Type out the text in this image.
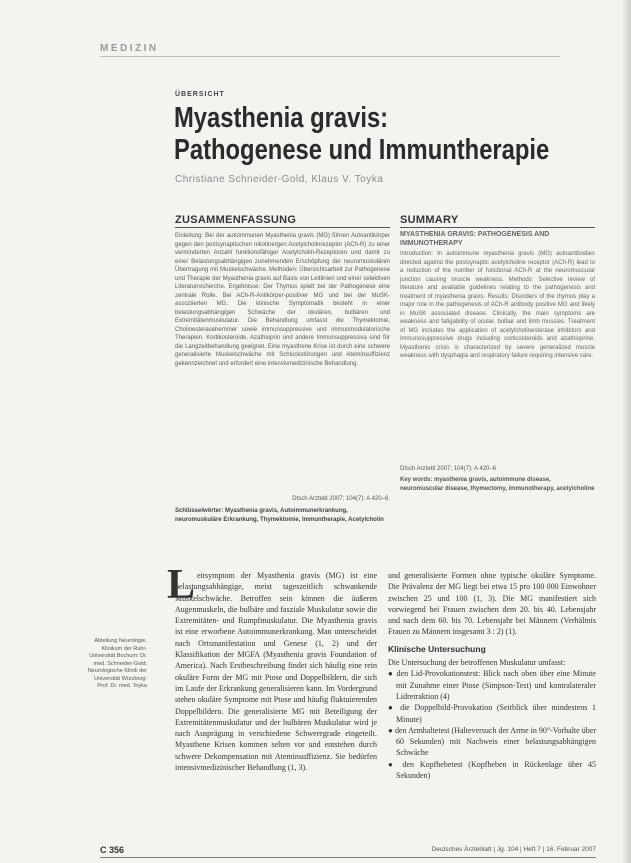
MEDIZIN
ÜBERSICHT
Myasthenia gravis:
Pathogenese und Immuntherapie
Christiane Schneider-Gold, Klaus V. Toyka
ZUSAMMENFASSUNG
Einleitung: Bei der autoimmunen Myasthenia gravis (MG) führen Autoantikörper gegen den postsynaptischen nikotinergen Acetylcholinrezeptor (ACh-R) zu einer verminderten Anzahl funktionsfähiger Acetylcholin-Rezeptoren und damit zu einer Belastungsabhängigen zunehmenden Erschöpfung der neuromuskulären Übertragung mit Muskelschwäche. Methoden: Übersichtsarbeit zur Pathogenese und Therapie der Myasthenia gravis auf Basis von Leitlinien und einer selektiven Literaturrecherche. Ergebnisse: Der Thymus spielt bei der Pathogenese eine zentrale Rolle. Bei ACh-R-Antikörper-positiver MG und bei der MuSK-assoziierten MG. Die klinische Symptomatik besteht in einer belastungsabhängigen Schwäche der okulären, bulbären und Extremitätenmuskulatur. Die Behandlung umfasst die Thymektomie, Cholinesterasehemmer sowie immunsuppressive und immunmodulatorische Therapien. Kortikosteroide, Azathioprin und andere Immunsuppressiva sind für die Langzeitbehandlung geeignet. Eine myasthene Krise ist durch eine schwere generalisierte Muskelschwäche mit Schluckstörungen und Ateminsuffizienz gekennzeichnet und erfordert eine intensivmedizinische Behandlung.
Dtsch Arztebl 2007; 104(7): A 420–6.
Schlüsselwörter: Myasthenia gravis, Autoimmunerkrankung, neuromuskuläre Erkrankung, Thymektomie, Immuntherapie, Acetylcholin
SUMMARY
MYASTHENIA GRAVIS: PATHOGENESIS AND IMMUNOTHERAPY
Introduction: In autoimmune myasthenia gravis (MG) autoantibodies directed against the postsynaptic acetylcholine receptor (ACh-R) lead to a reduction of the number of functional ACh-R at the neuromuscular junction causing muscle weakness. Methods: Selective review of literature and available guidelines relating to the pathogenesis and treatment of myasthenia gravis. Results: Disorders of the thymus play a major role in the pathogenesis of ACh-R antibody positive MG and likely in MuSK associated disease. Clinically, the main symptoms are weakness and fatigability of ocular, bulbar and limb muscles. Treatment of MG includes the application of acetylcholinesterase inhibitors and immunosuppressive drugs including corticosteroids and azathioprine. Myasthenic crisis is characterized by severe generalized muscle weakness with dysphagia and respiratory failure requiring intensive care.
Dtsch Arztebl 2007; 104(7): A 420–6
Key words: myasthenia gravis, autoimmune disease, neuromuscular disease, thymectomy, immunotherapy, acetylcholine
Abteilung Neurologie, Klinikum der Ruhr-Universität Bochum: Dr. med. Schneider-Gold; Neurologische Klinik der Universität Würzburg: Prof. Dr. med. Toyka
L eitsymptom der Myasthenia gravis (MG) ist eine belastungsabhängige, meist tageszeitlich schwankende Muskelschwäche. Betroffen sein können die äußeren Augenmuskeln, die bulbäre und fasziale Muskulatur sowie die Extremitäten- und Rumpfmuskulatur. Die Myasthenia gravis ist eine erworbene Autoimmunerkrankung. Man unterscheidet nach Ortsmanifestation und Genese (1, 2) und der Klassifikation der MGFA (Myasthenia gravis Foundation of America). Nach Erstbeschreibung findet sich häufig eine rein okuläre Form der MG mit Ptose und Doppelbildern, die sich im Laufe der Erkrankung generalisieren kann. Im Vordergrund stehen okuläre Symptome mit Ptose und häufig fluktuierenden Doppelbildern. Die generalisierte MG mit Beteiligung der Extremitätenmuskulatur und der bulbären Muskulatur wird je nach Ausprägung in verschiedene Schweregrade eingeteilt. Myasthene Krisen kommen selten vor und entstehen durch schwere Dekompensation mit Ateminsuffizienz. Sie bedürfen intensivmedizinischer Behandlung (1, 3).

und generalisierte Formen ohne typische okuläre Symptome. Die Prävalenz der MG liegt bei etwa 15 pro 100 000 Einwohner zwischen 25 und 100 (1, 3). Die MG manifestiert sich vorwiegend bei Frauen zwischen dem 20. bis 40. Lebensjahr und nach dem 60. bis 70. Lebensjahr bei Männern (Verhältnis Frauen zu Männern insgesamt 3 : 2) (1).

Klinische Untersuchung

Die Untersuchung der betroffenen Muskulatur umfasst:

● den Lid-Provokationstest: Blick nach oben über eine Minute mit Zunahme einer Ptose (Simpson-Test) und kontralateraler Lidretraktion (4)
● die Doppelbild-Provokation (Seitblick über mindestens 1 Minute)
● den Armhaltetest (Halteversuch der Arme in 90°-Vorhalte über 60 Sekunden) mit Nachweis einer belastungsabhängigen Schwäche
● den Kopfhebetest (Kopfheben in Rückenlage über 45 Sekunden)
C 356	Deutsches Ärzteblatt | Jg. 104 | Heft 7 | 16. Februar 2007
